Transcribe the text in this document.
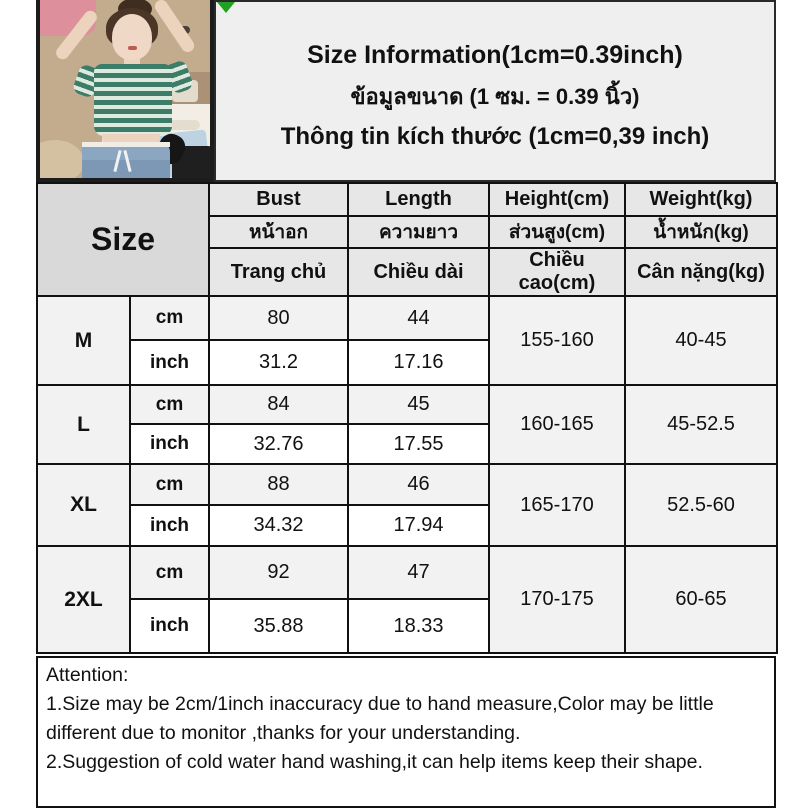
Size Information(1cm=0.39inch)
ข้อมูลขนาด (1 ซม. = 0.39 นิ้ว)
Thông tin kích thước (1cm=0,39 inch)
Size		Bust	Length	Height(cm)	Weight(kg)
		หน้าอก	ความยาว	ส่วนสูง(cm)	น้ำหนัก(kg)
		Trang chủ	Chiều dài	Chiều cao(cm)	Cân nặng(kg)
M	cm	80	44	155-160	40-45
	inch	31.2	17.16		
L	cm	84	45	160-165	45-52.5
	inch	32.76	17.55		
XL	cm	88	46	165-170	52.5-60
	inch	34.32	17.94		
2XL	cm	92	47	170-175	60-65
	inch	35.88	18.33		
Attention:
1.Size may be 2cm/1inch inaccuracy due to hand measure,Color may be little different due to monitor ,thanks for your understanding.
2.Suggestion of cold water hand washing,it can help items keep their shape.
